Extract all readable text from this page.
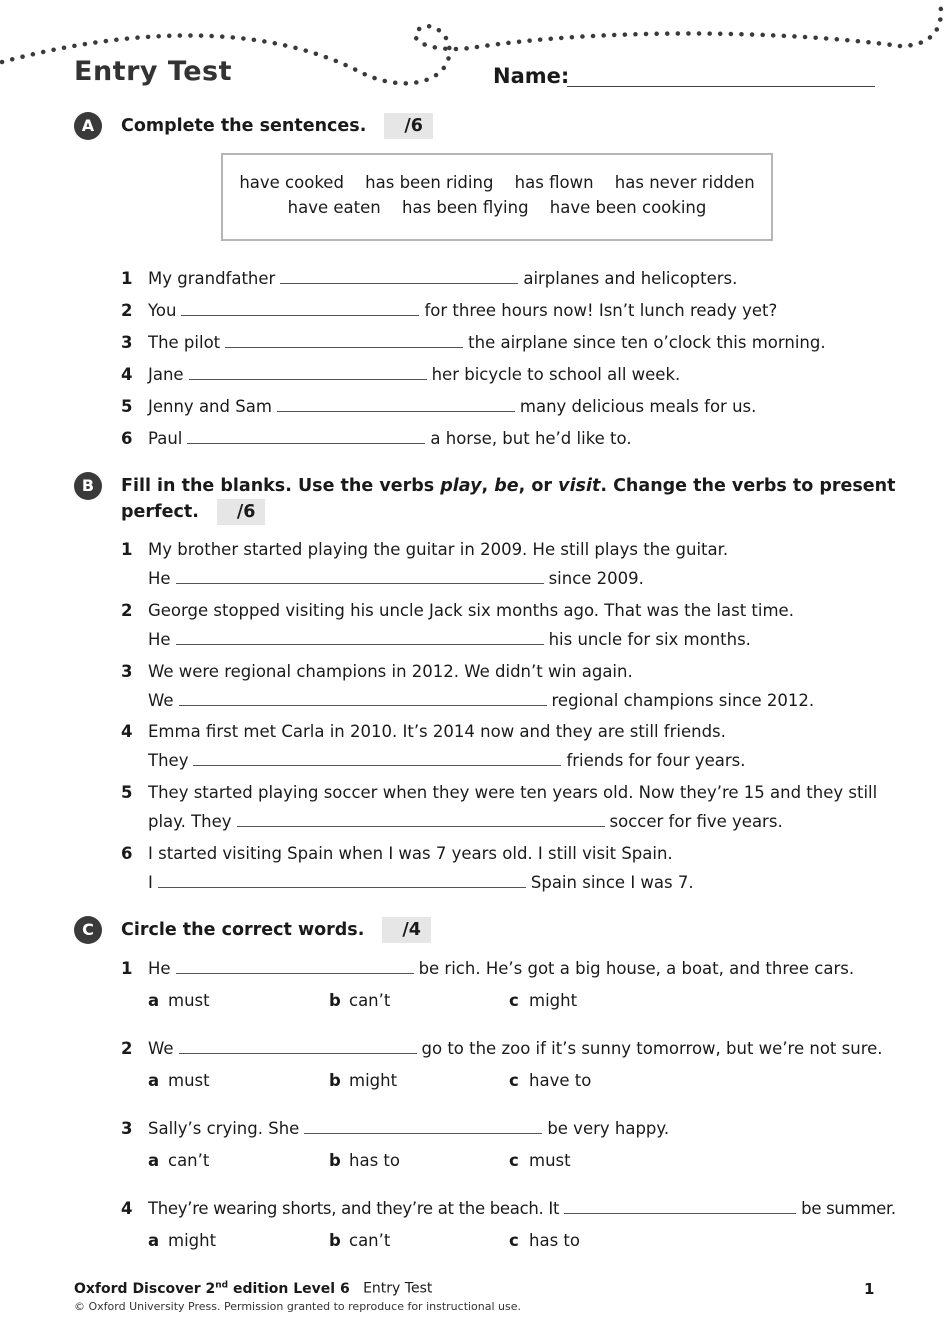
Entry Test	Name:
A	Complete the sentences. /6
have cooked has been riding has flown has never ridden
have eaten has been flying have been cooking
1 My grandfather	airplanes and helicopters.
2 You	for three hours now! Isn’t lunch ready yet?
3 The pilot	the airplane since ten o’clock this morning.
4 Jane	her bicycle to school all week.
5 Jenny and Sam	many delicious meals for us.
6 Paul	a horse, but he’d like to.
B	Fill in the blanks. Use the verbs play, be, or visit. Change the verbs to present
perfect. /6
1 My brother started playing the guitar in 2009. He still plays the guitar.
He	since 2009.
2 George stopped visiting his uncle Jack six months ago. That was the last time.
He	his uncle for six months.
3 We were regional champions in 2012. We didn’t win again.
We	regional champions since 2012.
4 Emma first met Carla in 2010. It’s 2014 now and they are still friends.
They	friends for four years.
5 They started playing soccer when they were ten years old. Now they’re 15 and they still
play. They	soccer for five years.
6 I started visiting Spain when I was 7 years old. I still visit Spain.
I	Spain since I was 7.
C	Circle the correct words. /4
1 He	be rich. He’s got a big house, a boat, and three cars.
a must	b can’t	c might
2 We	go to the zoo if it’s sunny tomorrow, but we’re not sure.
a must	b might	c have to
3 Sally’s crying. She	be very happy.
a can’t	b has to	c must
4 They’re wearing shorts, and they’re at the beach. It	be summer.
a might	b can’t	c has to
Oxford Discover 2nd edition Level 6 Entry Test
© Oxford University Press. Permission granted to reproduce for instructional use.
1
